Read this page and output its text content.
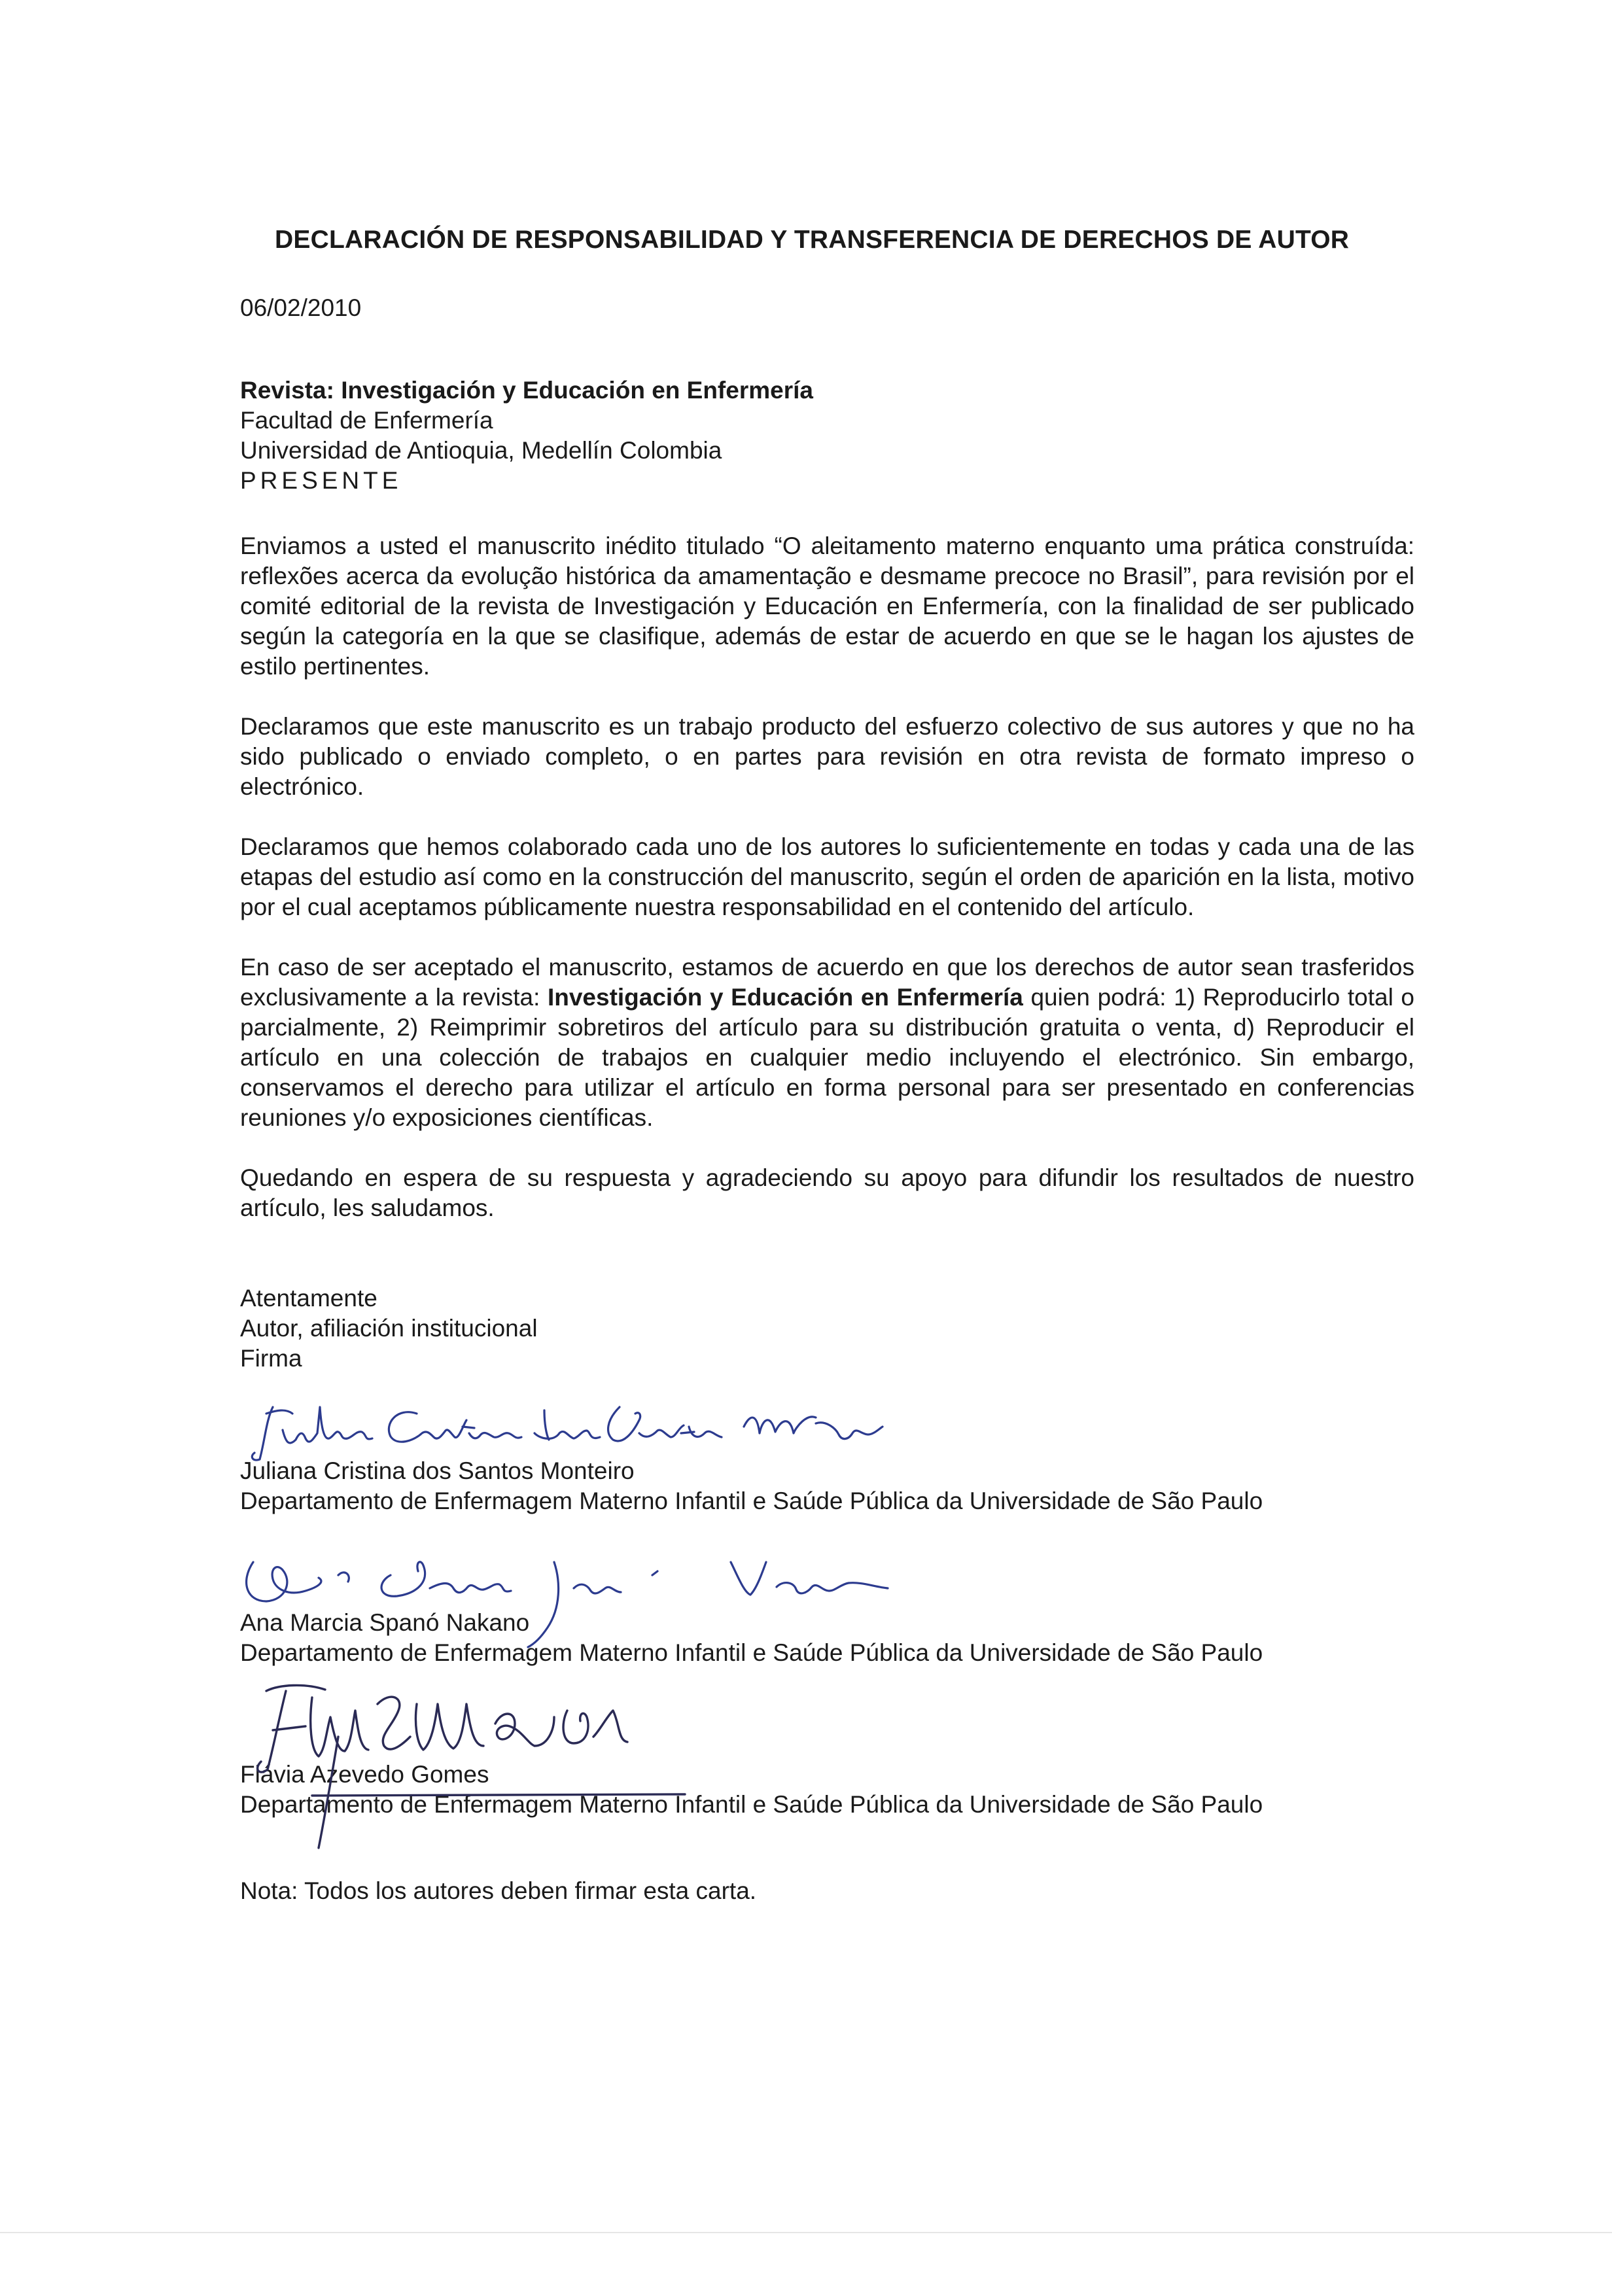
DECLARACIÓN DE RESPONSABILIDAD Y TRANSFERENCIA DE DERECHOS DE AUTOR
06/02/2010
Revista: Investigación y Educación en Enfermería
Facultad de Enfermería
Universidad de Antioquia, Medellín Colombia
PRESENTE

Enviamos a usted el manuscrito inédito titulado “O aleitamento materno enquanto uma prática construída: reflexões acerca da evolução histórica da amamentação e desmame precoce no Brasil”, para revisión por el comité editorial de la revista de Investigación y Educación en Enfermería, con la finalidad de ser publicado según la categoría en la que se clasifique, además de estar de acuerdo en que se le hagan los ajustes de estilo pertinentes.

Declaramos que este manuscrito es un trabajo producto del esfuerzo colectivo de sus autores y que no ha sido publicado o enviado completo, o en partes para revisión en otra revista de formato impreso o electrónico.

Declaramos que hemos colaborado cada uno de los autores lo suficientemente en todas y cada una de las etapas del estudio así como en la construcción del manuscrito, según el orden de aparición en la lista, motivo por el cual aceptamos públicamente nuestra responsabilidad en el contenido del artículo.

En caso de ser aceptado el manuscrito, estamos de acuerdo en que los derechos de autor sean trasferidos exclusivamente a la revista: Investigación y Educación en Enfermería quien podrá: 1) Reproducirlo total o parcialmente, 2) Reimprimir sobretiros del artículo para su distribución gratuita o venta, d) Reproducir el artículo en una colección de trabajos en cualquier medio incluyendo el electrónico. Sin embargo, conservamos el derecho para utilizar el artículo en forma personal para ser presentado en conferencias reuniones y/o exposiciones científicas.

Quedando en espera de su respuesta y agradeciendo su apoyo para difundir los resultados de nuestro artículo, les saludamos.

Atentamente
Autor, afiliación institucional
Firma
Juliana Cristina dos Santos Monteiro
Departamento de Enfermagem Materno Infantil e Saúde Pública da Universidade de São Paulo
Ana Marcia Spanó Nakano
Departamento de Enfermagem Materno Infantil e Saúde Pública da Universidade de São Paulo
Flávia Azevedo Gomes
Departamento de Enfermagem Materno Infantil e Saúde Pública da Universidade de São Paulo
Nota: Todos los autores deben firmar esta carta.
